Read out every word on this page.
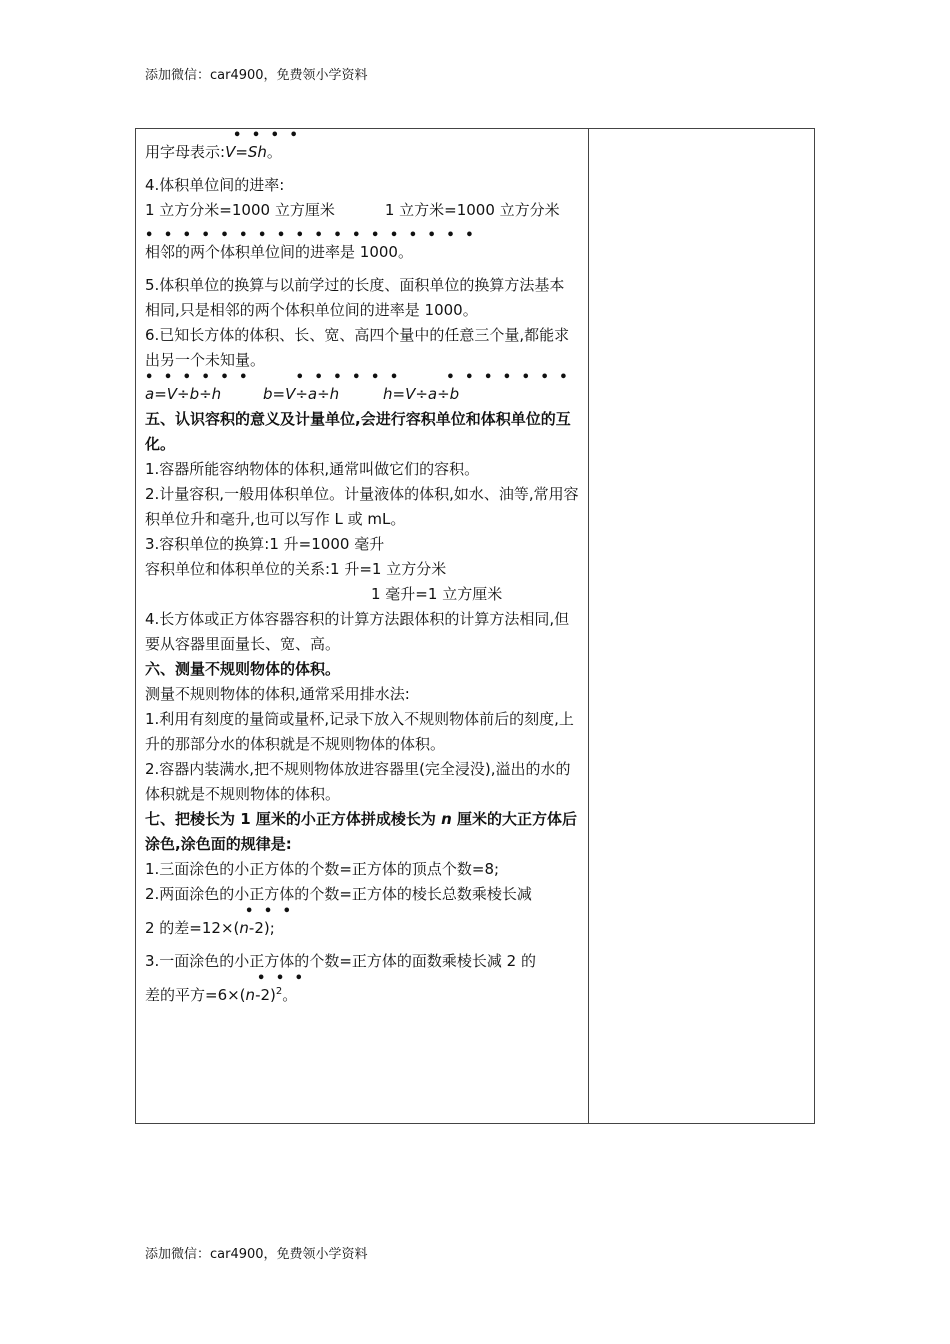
添加微信：car4900，免费领小学资料
• • • •

用字母表示:V=Sh。

4.体积单位间的进率:

1 立方分米=1000 立方厘米	1 立方米=1000 立方分米

• • • • • • • • • • • • • • • • • •

相邻的两个体积单位间的进率是 1000。

5.体积单位的换算与以前学过的长度、面积单位的换算方法基本相同,只是相邻的两个体积单位间的进率是 1000。

6.已知长方体的体积、长、宽、高四个量中的任意三个量,都能求出另一个未知量。

• • • • • •      • • • • • •      • • • • • • •

a=V÷b÷h	b=V÷a÷h	h=V÷a÷b

五、认识容积的意义及计量单位,会进行容积单位和体积单位的互化。

1.容器所能容纳物体的体积,通常叫做它们的容积。

2.计量容积,一般用体积单位。计量液体的体积,如水、油等,常用容积单位升和毫升,也可以写作 L 或 mL。

3.容积单位的换算:1 升=1000 毫升

容积单位和体积单位的关系:1 升=1 立方分米

1 毫升=1 立方厘米

4.长方体或正方体容器容积的计算方法跟体积的计算方法相同,但要从容器里面量长、宽、高。

六、测量不规则物体的体积。

测量不规则物体的体积,通常采用排水法:

1.利用有刻度的量筒或量杯,记录下放入不规则物体前后的刻度,上升的那部分水的体积就是不规则物体的体积。

2.容器内装满水,把不规则物体放进容器里(完全浸没),溢出的水的体积就是不规则物体的体积。

七、把棱长为 1 厘米的小正方体拼成棱长为 n 厘米的大正方体后涂色,涂色面的规律是:

1.三面涂色的小正方体的个数=正方体的顶点个数=8;

2.两面涂色的小正方体的个数=正方体的棱长总数乘棱长减

• • •

2 的差=12×(n-2);

3.一面涂色的小正方体的个数=正方体的面数乘棱长减 2 的

• • •

差的平方$=6\times(n-2)^2$。

添加微信：car4900，免费领小学资料
